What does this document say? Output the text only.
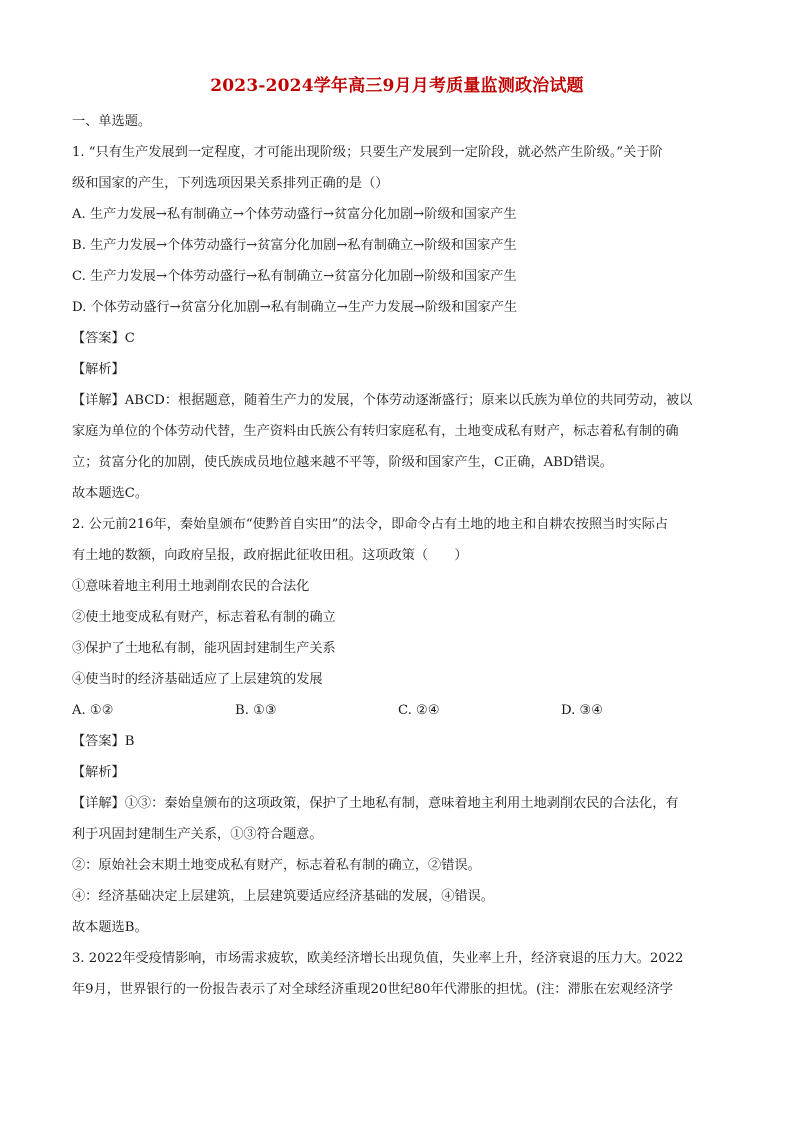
2023-2024学年高三9月月考质量监测政治试题
一、单选题。
1. “只有生产发展到一定程度，才可能出现阶级；只要生产发展到一定阶段，就必然产生阶级。”关于阶
级和国家的产生，下列选项因果关系排列正确的是（）
A. 生产力发展→私有制确立→个体劳动盛行→贫富分化加剧→阶级和国家产生
B. 生产力发展→个体劳动盛行→贫富分化加剧→私有制确立→阶级和国家产生
C. 生产力发展→个体劳动盛行→私有制确立→贫富分化加剧→阶级和国家产生
D. 个体劳动盛行→贫富分化加剧→私有制确立→生产力发展→阶级和国家产生
【答案】C
【解析】
【详解】ABCD：根据题意，随着生产力的发展，个体劳动逐渐盛行；原来以氏族为单位的共同劳动，被以
家庭为单位的个体劳动代替，生产资料由氏族公有转归家庭私有，土地变成私有财产，标志着私有制的确
立；贫富分化的加剧，使氏族成员地位越来越不平等，阶级和国家产生，C正确，ABD错误。
故本题选C。
2. 公元前216年，秦始皇颁布“使黔首自实田”的法令，即命令占有土地的地主和自耕农按照当时实际占
有土地的数额，向政府呈报，政府据此征收田租。这项政策（　　）
①意味着地主利用土地剥削农民的合法化
②使土地变成私有财产，标志着私有制的确立
③保护了土地私有制，能巩固封建制生产关系
④使当时的经济基础适应了上层建筑的发展
A. ①②	B. ①③	C. ②④	D. ③④
【答案】B
【解析】
【详解】①③：秦始皇颁布的这项政策，保护了土地私有制，意味着地主利用土地剥削农民的合法化，有
利于巩固封建制生产关系，①③符合题意。
②：原始社会末期土地变成私有财产，标志着私有制的确立，②错误。
④：经济基础决定上层建筑，上层建筑要适应经济基础的发展，④错误。
故本题选B。
3. 2022年受疫情影响，市场需求疲软，欧美经济增长出现负值，失业率上升，经济衰退的压力大。2022
年9月，世界银行的一份报告表示了对全球经济重现20世纪80年代滞胀的担忧。(注：滞胀在宏观经济学
